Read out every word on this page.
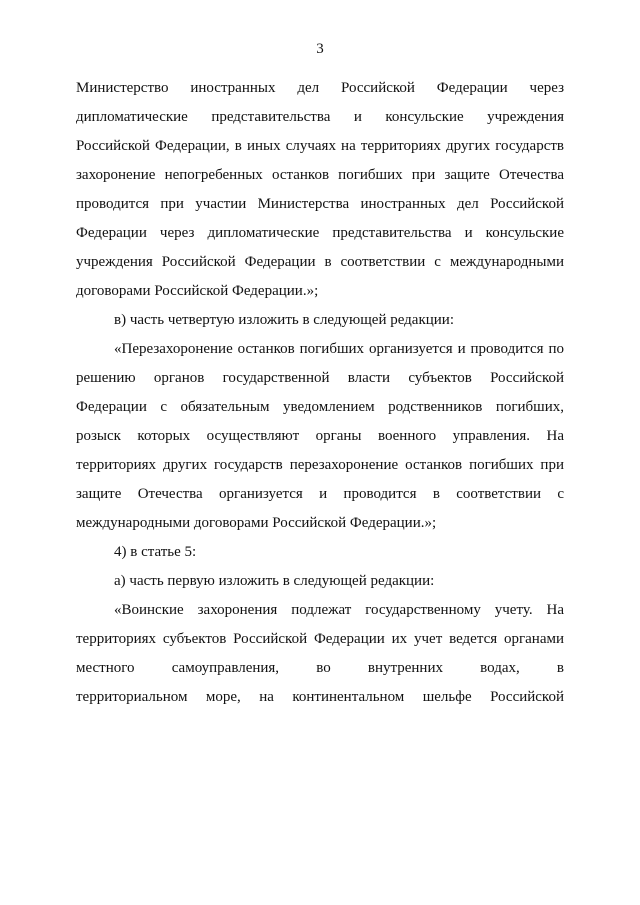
3
Министерство иностранных дел Российской Федерации через
дипломатические представительства и консульские учреждения
Российской Федерации, в иных случаях на территориях других государств
захоронение непогребенных останков погибших при защите Отечества
проводится при участии Министерства иностранных дел Российской
Федерации через дипломатические представительства и консульские
учреждения Российской Федерации в соответствии с международными
договорами Российской Федерации.»;
в) часть четвертую изложить в следующей редакции:
«Перезахоронение останков погибших организуется и проводится по
решению органов государственной власти субъектов Российской
Федерации с обязательным уведомлением родственников погибших,
розыск которых осуществляют органы военного управления. На
территориях других государств перезахоронение останков погибших при
защите Отечества организуется и проводится в соответствии с
международными договорами Российской Федерации.»;
4) в статье 5:
а) часть первую изложить в следующей редакции:
«Воинские захоронения подлежат государственному учету. На
территориях субъектов Российской Федерации их учет ведется органами
местного самоуправления, во внутренних водах, в
территориальном море, на континентальном шельфе Российской
